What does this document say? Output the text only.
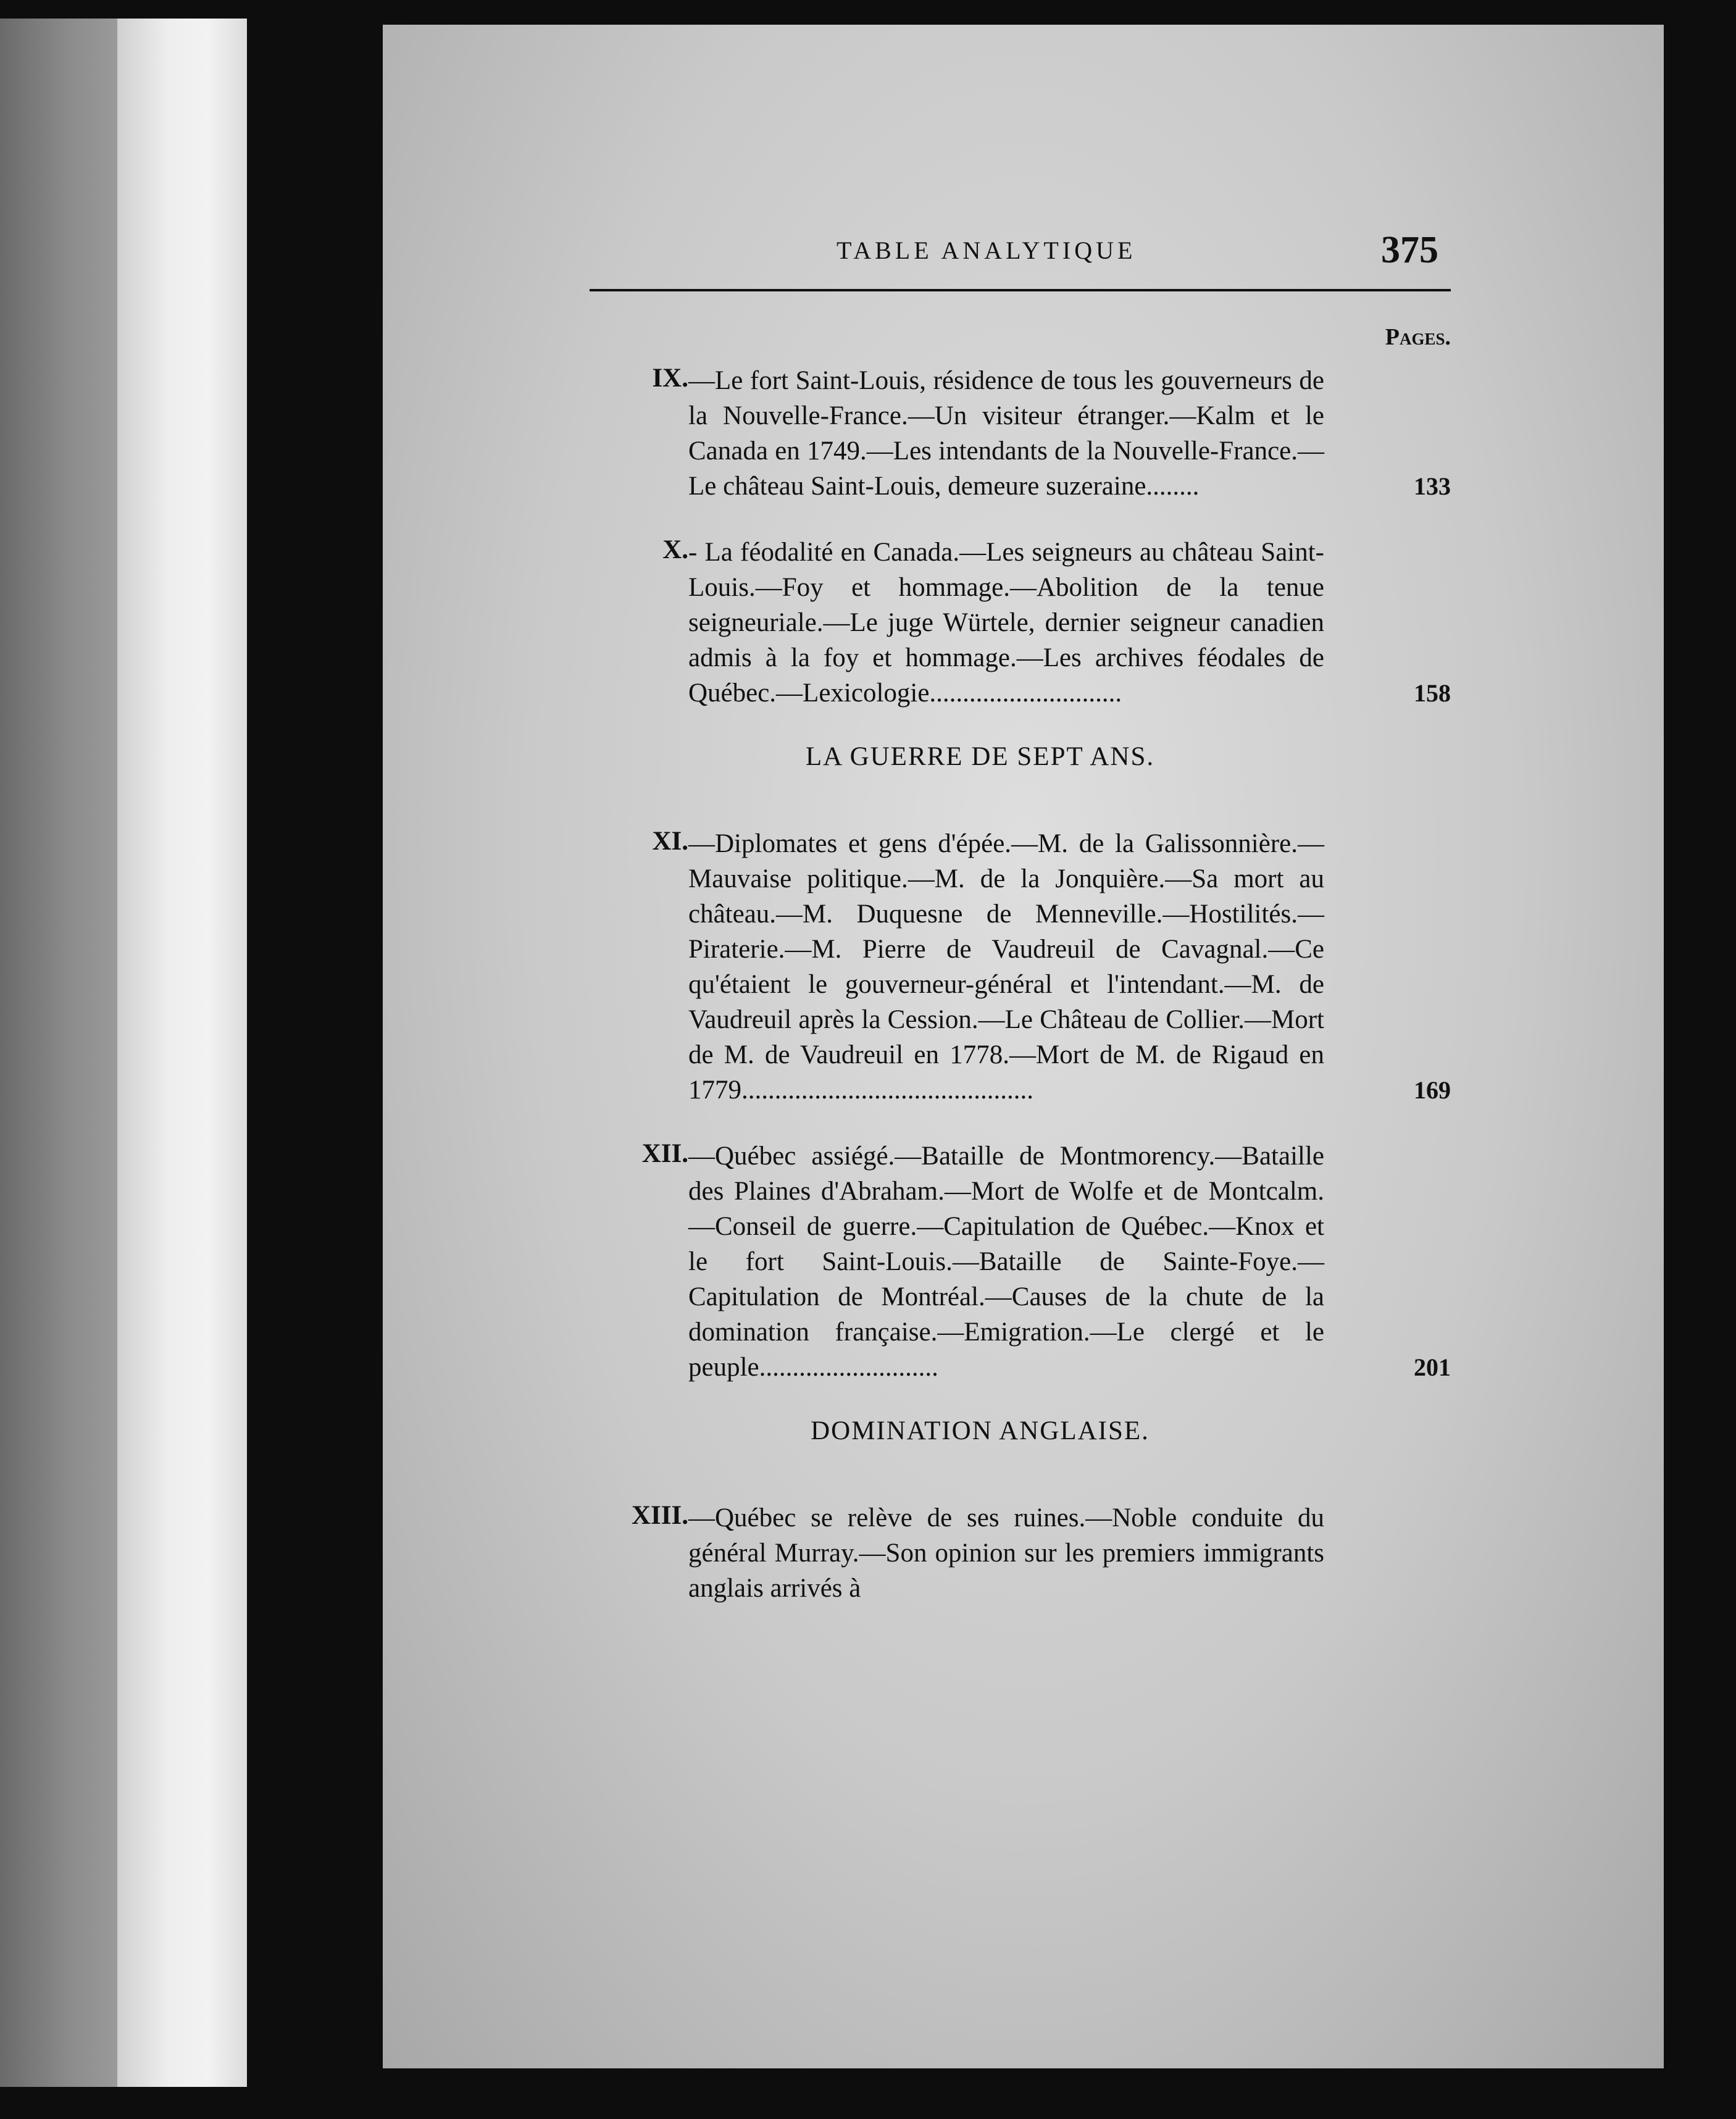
TABLE ANALYTIQUE	375
Pages.
IX. —Le fort Saint-Louis, résidence de tous les gouverneurs de la Nouvelle-France.—Un visiteur étranger.—Kalm et le Canada en 1749.—Les intendants de la Nouvelle-France.—Le château Saint-Louis, demeure suzeraine........	133
X. - La féodalité en Canada.—Les seigneurs au château Saint-Louis.—Foy et hommage.—Abolition de la tenue seigneuriale.—Le juge Würtele, dernier seigneur canadien admis à la foy et hommage.—Les archives féodales de Québec.—Lexicologie.............................	158
LA GUERRE DE SEPT ANS.
XI. —Diplomates et gens d'épée.—M. de la Galissonnière.—Mauvaise politique.—M. de la Jonquière.—Sa mort au château.—M. Duquesne de Menneville.—Hostilités.—Piraterie.—M. Pierre de Vaudreuil de Cavagnal.—Ce qu'étaient le gouverneur-général et l'intendant.—M. de Vaudreuil après la Cession.—Le Château de Collier.—Mort de M. de Vaudreuil en 1778.—Mort de M. de Rigaud en 1779............................................	169
XII. —Québec assiégé.—Bataille de Montmorency.—Bataille des Plaines d'Abraham.—Mort de Wolfe et de Montcalm.—Conseil de guerre.—Capitulation de Québec.—Knox et le fort Saint-Louis.—Bataille de Sainte-Foye.—Capitulation de Montréal.—Causes de la chute de la domination française.—Emigration.—Le clergé et le peuple...........................	201
DOMINATION ANGLAISE.
XIII. —Québec se relève de ses ruines.—Noble conduite du général Murray.—Son opinion sur les premiers immigrants anglais arrivés à
